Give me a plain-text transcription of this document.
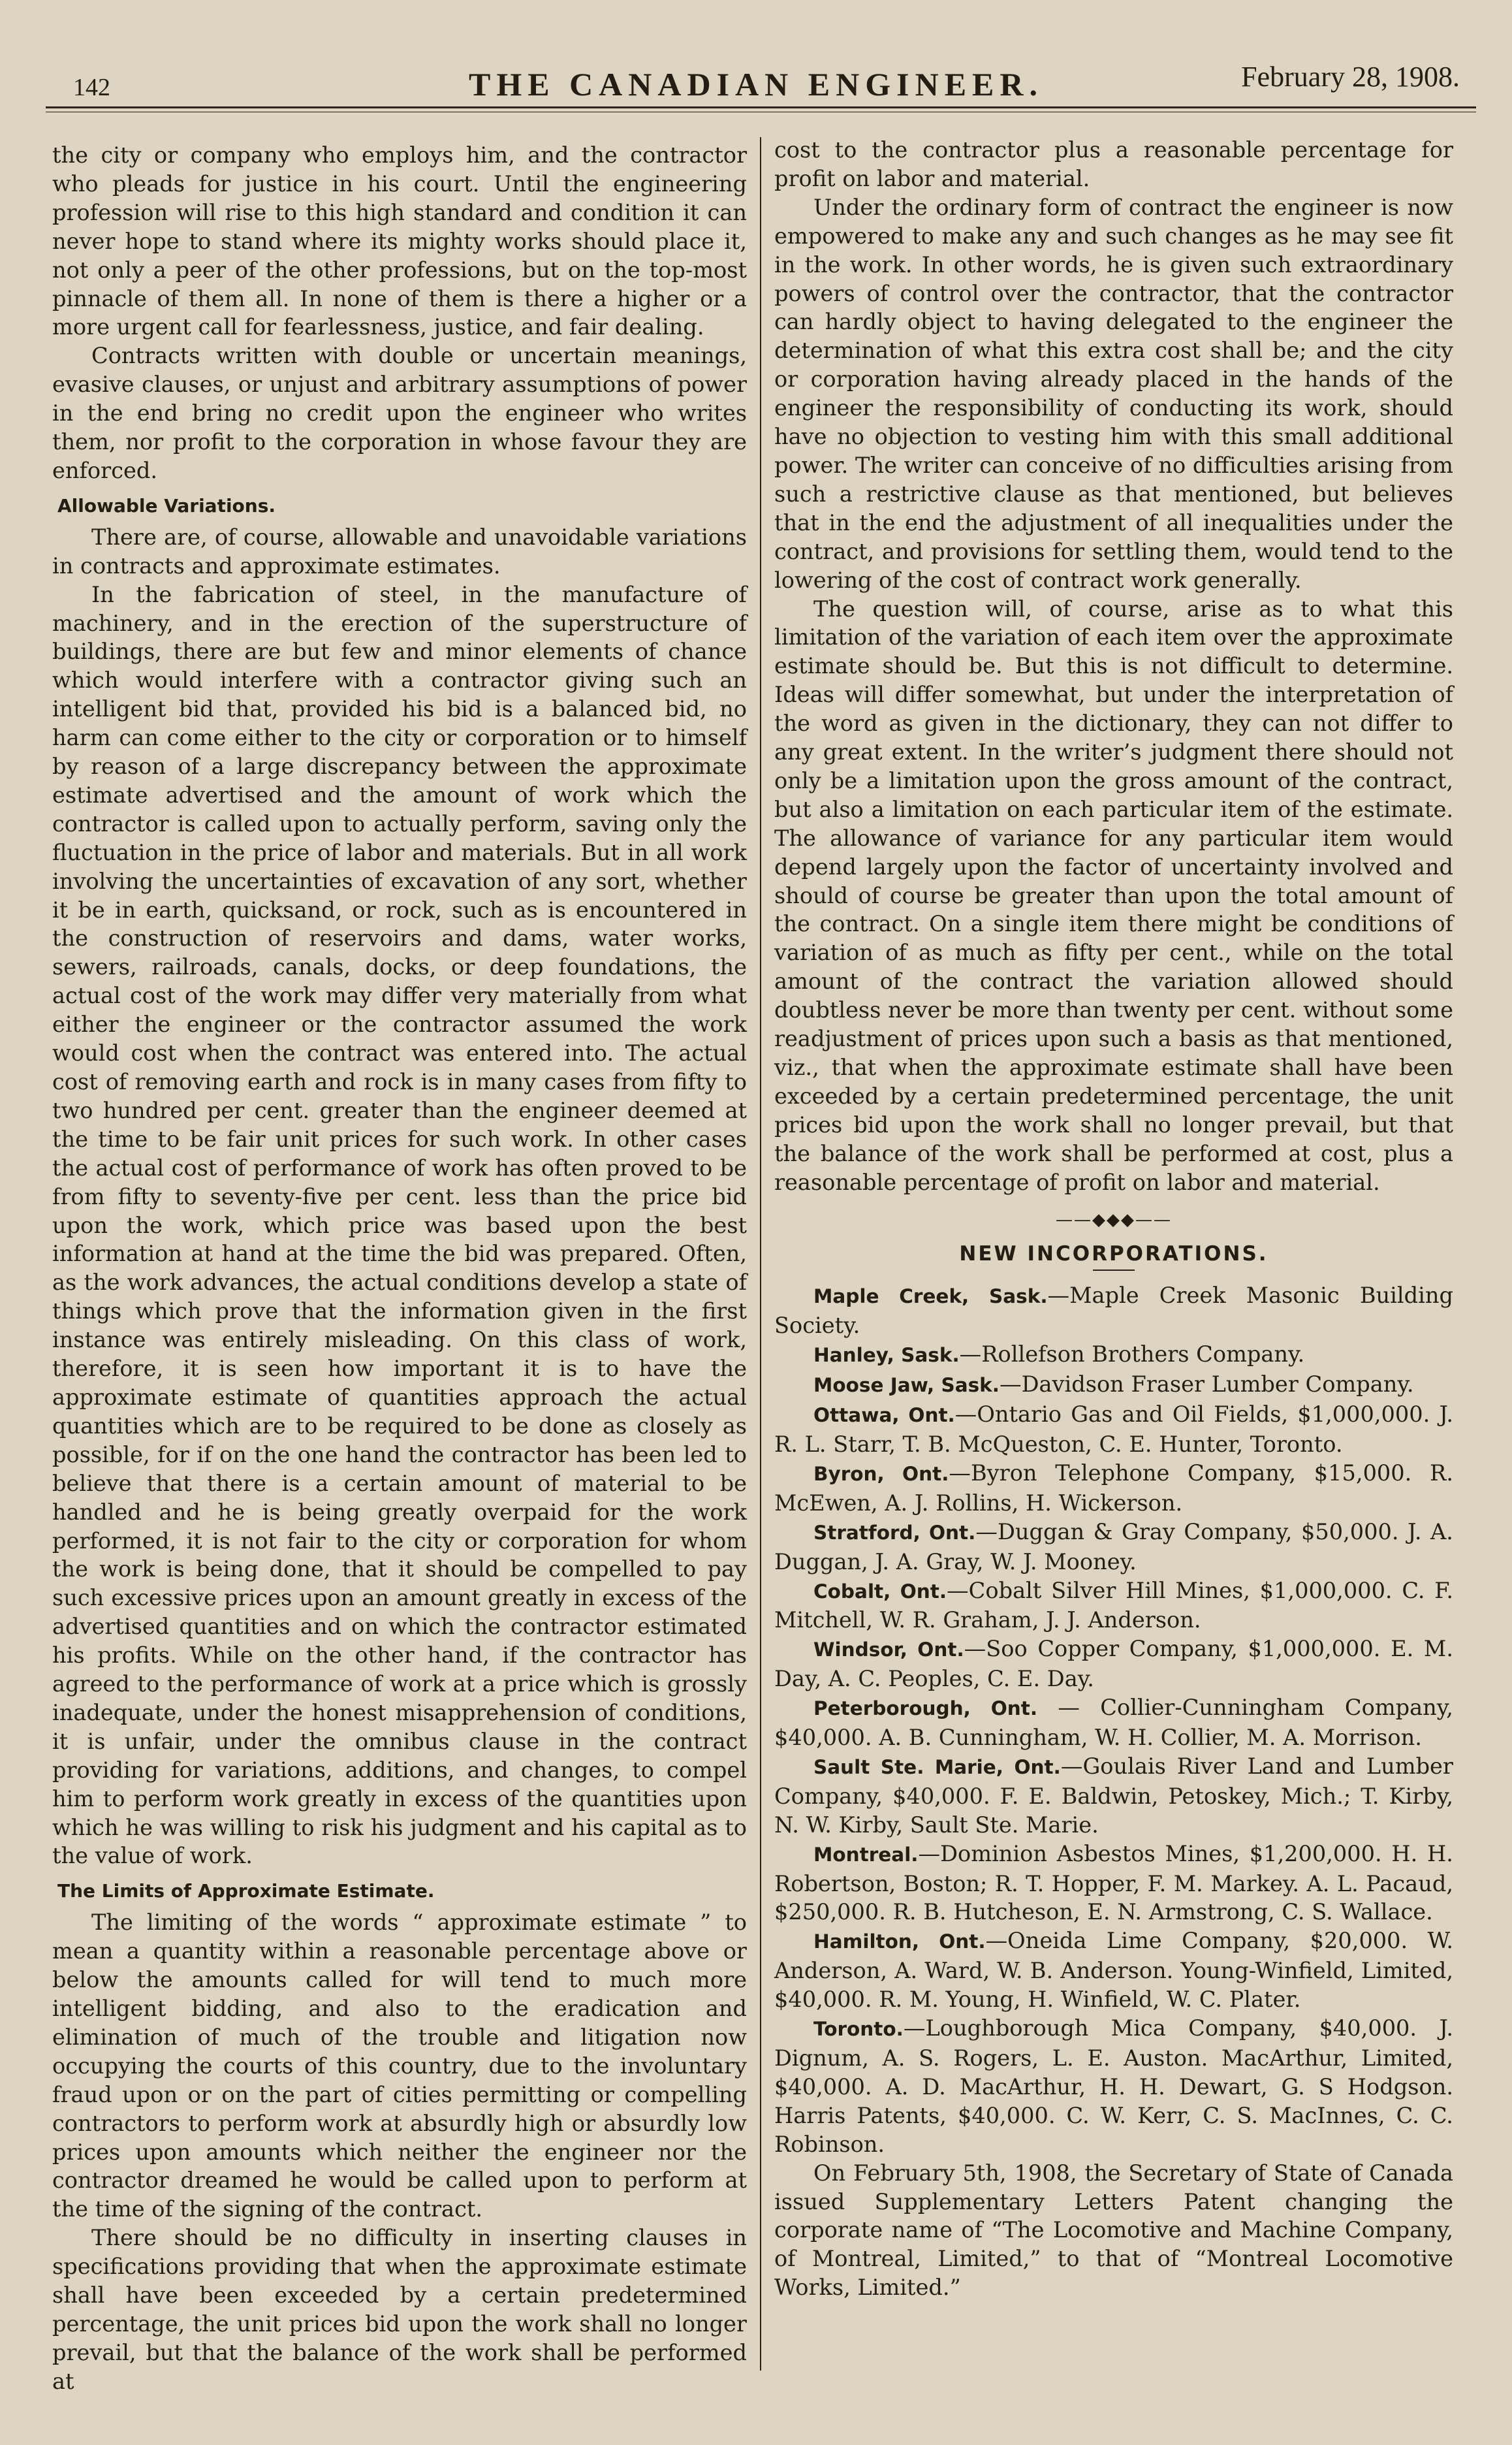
142	THE CANADIAN ENGINEER.	February 28, 1908.

the city or company who employs him, and the contractor who pleads for justice in his court. Until the engineering profession will rise to this high standard and condition it can never hope to stand where its mighty works should place it, not only a peer of the other professions, but on the top-most pinnacle of them all. In none of them is there a higher or a more urgent call for fearlessness, justice, and fair dealing.

Contracts written with double or uncertain meanings, evasive clauses, or unjust and arbitrary assumptions of power in the end bring no credit upon the engineer who writes them, nor profit to the corporation in whose favour they are enforced.

Allowable Variations.

There are, of course, allowable and unavoidable variations in contracts and approximate estimates.

In the fabrication of steel, in the manufacture of machinery, and in the erection of the superstructure of buildings, there are but few and minor elements of chance which would interfere with a contractor giving such an intelligent bid that, provided his bid is a balanced bid, no harm can come either to the city or corporation or to himself by reason of a large discrepancy between the approximate estimate advertised and the amount of work which the contractor is called upon to actually perform, saving only the fluctuation in the price of labor and materials. But in all work involving the uncertainties of excavation of any sort, whether it be in earth, quicksand, or rock, such as is encountered in the construction of reservoirs and dams, water works, sewers, railroads, canals, docks, or deep foundations, the actual cost of the work may differ very materially from what either the engineer or the contractor assumed the work would cost when the contract was entered into. The actual cost of removing earth and rock is in many cases from fifty to two hundred per cent. greater than the engineer deemed at the time to be fair unit prices for such work. In other cases the actual cost of performance of work has often proved to be from fifty to seventy-five per cent. less than the price bid upon the work, which price was based upon the best information at hand at the time the bid was prepared. Often, as the work advances, the actual conditions develop a state of things which prove that the information given in the first instance was entirely misleading. On this class of work, therefore, it is seen how important it is to have the approximate estimate of quantities approach the actual quantities which are to be required to be done as closely as possible, for if on the one hand the contractor has been led to believe that there is a certain amount of material to be handled and he is being greatly overpaid for the work performed, it is not fair to the city or corporation for whom the work is being done, that it should be compelled to pay such excessive prices upon an amount greatly in excess of the advertised quantities and on which the contractor estimated his profits. While on the other hand, if the contractor has agreed to the performance of work at a price which is grossly inadequate, under the honest misapprehension of conditions, it is unfair, under the omnibus clause in the contract providing for variations, additions, and changes, to compel him to perform work greatly in excess of the quantities upon which he was willing to risk his judgment and his capital as to the value of work.

The Limits of Approximate Estimate.

The limiting of the words “ approximate estimate ” to mean a quantity within a reasonable percentage above or below the amounts called for will tend to much more intelligent bidding, and also to the eradication and elimination of much of the trouble and litigation now occupying the courts of this country, due to the involuntary fraud upon or on the part of cities permitting or compelling contractors to perform work at absurdly high or absurdly low prices upon amounts which neither the engineer nor the contractor dreamed he would be called upon to perform at the time of the signing of the contract.

There should be no difficulty in inserting clauses in specifications providing that when the approximate estimate shall have been exceeded by a certain predetermined percentage, the unit prices bid upon the work shall no longer prevail, but that the balance of the work shall be performed at

cost to the contractor plus a reasonable percentage for profit on labor and material.

Under the ordinary form of contract the engineer is now empowered to make any and such changes as he may see fit in the work. In other words, he is given such extraordinary powers of control over the contractor, that the contractor can hardly object to having delegated to the engineer the determination of what this extra cost shall be; and the city or corporation having already placed in the hands of the engineer the responsibility of conducting its work, should have no objection to vesting him with this small additional power. The writer can conceive of no difficulties arising from such a restrictive clause as that mentioned, but believes that in the end the adjustment of all inequalities under the contract, and provisions for settling them, would tend to the lowering of the cost of contract work generally.

The question will, of course, arise as to what this limitation of the variation of each item over the approximate estimate should be. But this is not difficult to determine. Ideas will differ somewhat, but under the interpretation of the word as given in the dictionary, they can not differ to any great extent. In the writer’s judgment there should not only be a limitation upon the gross amount of the contract, but also a limitation on each particular item of the estimate. The allowance of variance for any particular item would depend largely upon the factor of uncertainty involved and should of course be greater than upon the total amount of the contract. On a single item there might be conditions of variation of as much as fifty per cent., while on the total amount of the contract the variation allowed should doubtless never be more than twenty per cent. without some readjustment of prices upon such a basis as that mentioned, viz., that when the approximate estimate shall have been exceeded by a certain predetermined percentage, the unit prices bid upon the work shall no longer prevail, but that the balance of the work shall be performed at cost, plus a reasonable percentage of profit on labor and material.

——◆◆◆——
NEW INCORPORATIONS.

Maple Creek, Sask.—Maple Creek Masonic Building Society.

Hanley, Sask.—Rollefson Brothers Company.

Moose Jaw, Sask.—Davidson Fraser Lumber Company.

Ottawa, Ont.—Ontario Gas and Oil Fields, $1,000,000. J. R. L. Starr, T. B. McQueston, C. E. Hunter, Toronto.

Byron, Ont.—Byron Telephone Company, $15,000. R. McEwen, A. J. Rollins, H. Wickerson.

Stratford, Ont.—Duggan & Gray Company, $50,000. J. A. Duggan, J. A. Gray, W. J. Mooney.

Cobalt, Ont.—Cobalt Silver Hill Mines, $1,000,000. C. F. Mitchell, W. R. Graham, J. J. Anderson.

Windsor, Ont.—Soo Copper Company, $1,000,000. E. M. Day, A. C. Peoples, C. E. Day.

Peterborough, Ont. — Collier-Cunningham Company, $40,000. A. B. Cunningham, W. H. Collier, M. A. Morrison.

Sault Ste. Marie, Ont.—Goulais River Land and Lumber Company, $40,000. F. E. Baldwin, Petoskey, Mich.; T. Kirby, N. W. Kirby, Sault Ste. Marie.

Montreal.—Dominion Asbestos Mines, $1,200,000. H. H. Robertson, Boston; R. T. Hopper, F. M. Markey. A. L. Pacaud, $250,000. R. B. Hutcheson, E. N. Armstrong, C. S. Wallace.

Hamilton, Ont.—Oneida Lime Company, $20,000. W. Anderson, A. Ward, W. B. Anderson. Young-Winfield, Limited, $40,000. R. M. Young, H. Winfield, W. C. Plater.

Toronto.—Loughborough Mica Company, $40,000. J. Dignum, A. S. Rogers, L. E. Auston. MacArthur, Limited, $40,000. A. D. MacArthur, H. H. Dewart, G. S Hodgson. Harris Patents, $40,000. C. W. Kerr, C. S. MacInnes, C. C. Robinson.

On February 5th, 1908, the Secretary of State of Canada issued Supplementary Letters Patent changing the corporate name of “The Locomotive and Machine Company, of Montreal, Limited,” to that of “Montreal Locomotive Works, Limited.”
